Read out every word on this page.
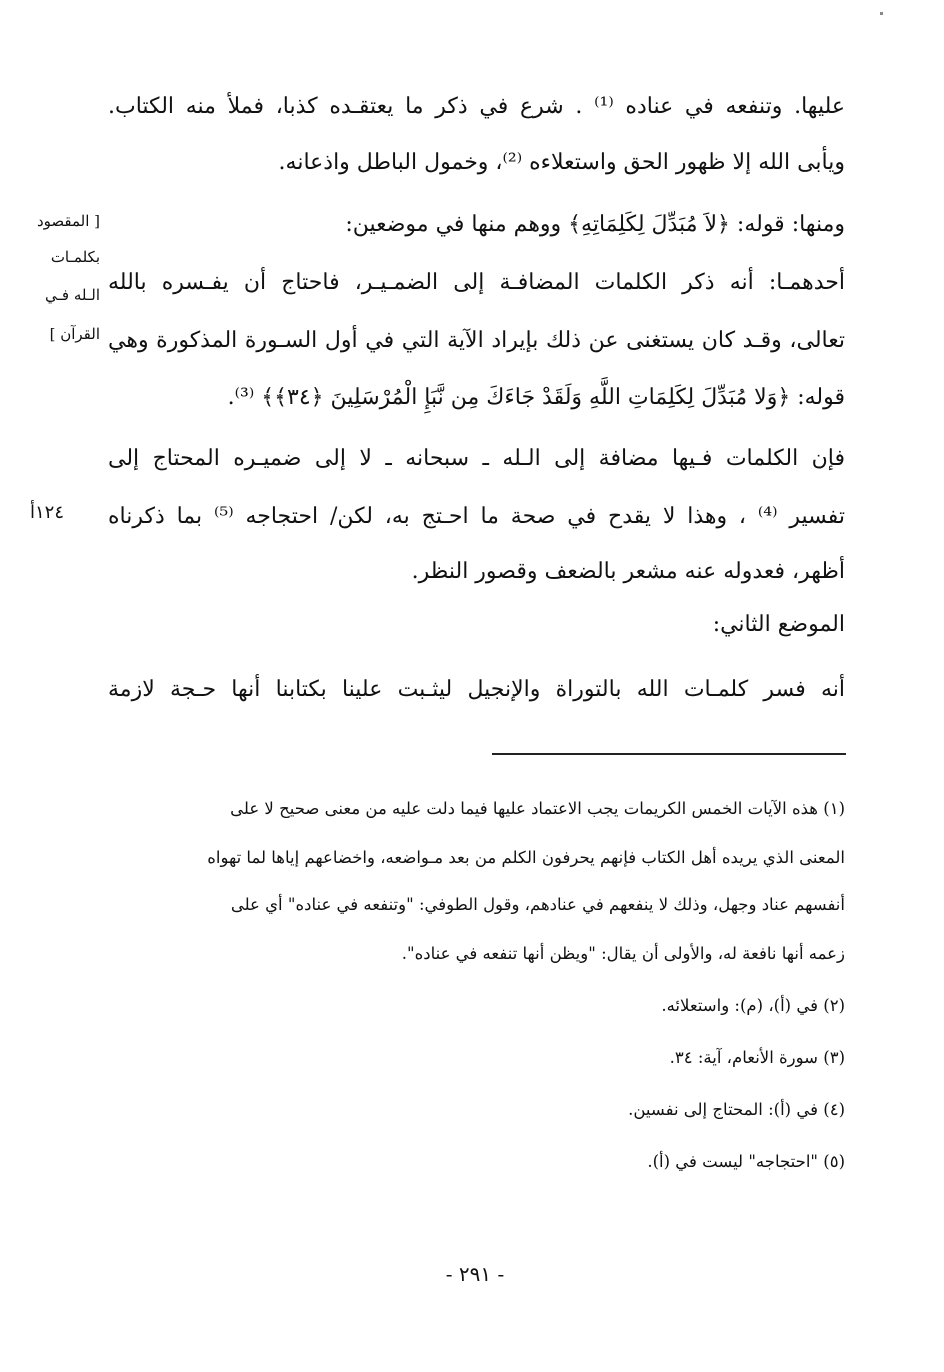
عليها. وتنفعه في عناده ⁽¹⁾ . شرع في ذكر ما يعتقـده كذبا، فملأ منه الكتاب.
ويأبى الله إلا ظهور الحق واستعلاءه ⁽²⁾، وخمول الباطل واذعانه.
ومنها: قوله: ﴿لاَ مُبَدِّلَ لِكَلِمَاتِهِ﴾ ووهم منها في موضعين:
أحدهمـا: أنه ذكر الكلمات المضافـة إلى الضمـيـر، فاحتاج أن يفـسره بالله
تعالى، وقـد كان يستغنى عن ذلك بإيراد الآية التي في أول السـورة المذكورة وهي
قوله: ﴿وَلا مُبَدِّلَ لِكَلِمَاتِ اللَّهِ وَلَقَدْ جَاءَكَ مِن نَّبَإِ الْمُرْسَلِينَ ﴿٣٤﴾﴾ ⁽³⁾.
فإن الكلمات فـيها مضافة إلى الـله ـ سبحانه ـ لا إلى ضميـره المحتاج إلى
تفسير ⁽⁴⁾ ، وهذا لا يقدح في صحة ما احـتج به، لكن/ احتجاجه ⁽⁵⁾ بما ذكرناه
أظهر، فعدوله عنه مشعر بالضعف وقصور النظر.
الموضع الثاني:
أنه فسر كلمـات الله بالتوراة والإنجيل ليثـبت علينا بكتابنا أنها حـجة لازمة
[ المقصود
بكلمـات
الـله فـي
القرآن ]
١٢٤أ
(١) هذه الآيات الخمس الكريمات يجب الاعتماد عليها فيما دلت عليه من معنى صحيح لا على
المعنى الذي يريده أهل الكتاب فإنهم يحرفون الكلم من بعد مـواضعه، واخضاعهم إياها لما تهواه
أنفسهم عناد وجهل، وذلك لا ينفعهم في عنادهم، وقول الطوفي: "وتنفعه في عناده" أي على
زعمه أنها نافعة له، والأولى أن يقال: "ويظن أنها تنفعه في عناده".
(٢) في (أ)، (م): واستعلائه.
(٣) سورة الأنعام، آية: ٣٤.
(٤) في (أ): المحتاج إلى نفسين.
(٥) "احتجاجه" ليست في (أ).
- ٢٩١ -
